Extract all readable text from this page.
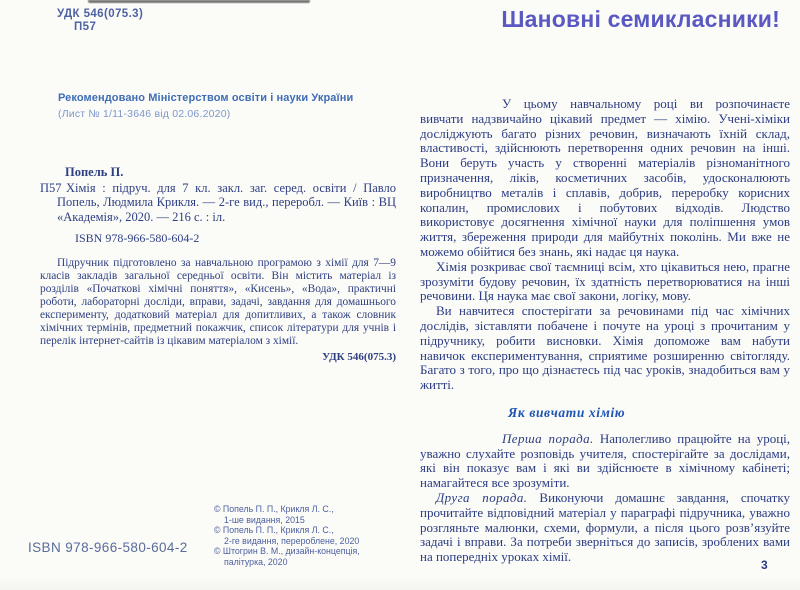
УДК 546(075.3)
П57
Рекомендовано Міністерством освіти і науки України
(Лист № 1/11-3646 від 02.06.2020)
Попель П.
П57 Хімія : підруч. для 7 кл. закл. заг. серед. освіти / Павло Попель, Людмила Крикля. — 2-ге вид., переробл. — Київ : ВЦ «Академія», 2020. — 216 с. : іл.
ISBN 978-966-580-604-2

Підручник підготовлено за навчальною програмою з хімії для 7—9 класів закладів загальної середньої освіти. Він містить матеріал із розділів «Початкові хімічні поняття», «Кисень», «Вода», практичні роботи, лабораторні досліди, вправи, задачі, завдання для домашнього експерименту, додатковий матеріал для допитливих, а також словник хімічних термінів, предметний покажчик, список літератури для учнів і перелік інтернет-сайтів із цікавим матеріалом з хімії.

УДК 546(075.3)
ISBN 978-966-580-604-2
© Попель П. П., Крикля Л. С.,
1-ше видання, 2015
© Попель П. П., Крикля Л. С.,
2-ге видання, перероблене, 2020
© Штогрин В. М., дизайн-концепція,
палітурка, 2020
Шановні семикласники!

У цьому навчальному році ви розпочинаєте вивчати надзвичайно цікавий предмет — хімію. Учені-хіміки досліджують багато різних речовин, визначають їхній склад, властивості, здійснюють перетворення одних речовин на інші. Вони беруть участь у створенні матеріалів різноманітного призначення, ліків, косметичних засобів, удосконалюють виробництво металів і сплавів, добрив, переробку корисних копалин, промислових і побутових відходів. Людство використовує досягнення хімічної науки для поліпшення умов життя, збереження природи для майбутніх поколінь. Ми вже не можемо обійтися без знань, які надає ця наука.

Хімія розкриває свої таємниці всім, хто цікавиться нею, прагне зрозуміти будову речовин, їх здатність перетворюватися на інші речовини. Ця наука має свої закони, логіку, мову.

Ви навчитеся спостерігати за речовинами під час хімічних дослідів, зіставляти побачене і почуте на уроці з прочитаним у підручнику, робити висновки. Хімія допоможе вам набути навичок експериментування, сприятиме розширенню світогляду. Багато з того, про що дізнаєтесь під час уроків, знадобиться вам у житті.

Як вивчати хімію

Перша порада. Наполегливо працюйте на уроці, уважно слухайте розповідь учителя, спостерігайте за дослідами, які він показує вам і які ви здійснюєте в хімічному кабінеті; намагайтеся все зрозуміти.

Друга порада. Виконуючи домашнє завдання, спочатку прочитайте відповідний матеріал у параграфі підручника, уважно розгляньте малюнки, схеми, формули, а після цього розв’язуйте задачі і вправи. За потреби зверніться до записів, зроблених вами на попередніх уроках хімії.

3
